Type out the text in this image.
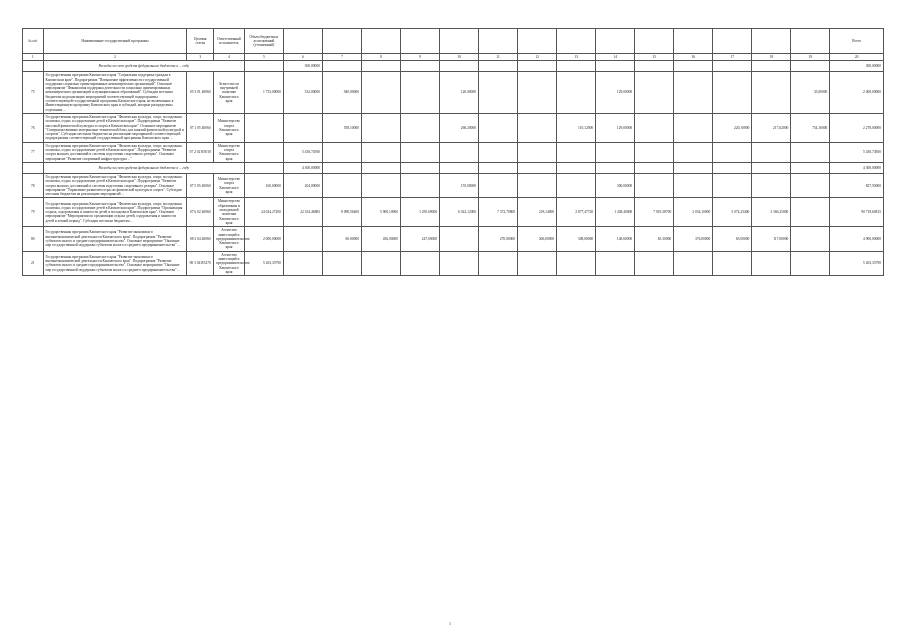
№ п/п	Наименование государственной программы	Целевая статья	Ответственный исполнитель	Объем бюджетных ассигнований (уточненный)															Всего
1	2	3	4	5	6	7	8	9	10	11	12	13	14	15	16	17	18	19	20
	Расходы за счет средств федерального бюджета в ... году				300,00000														300,00000
75	Государственная программа Камчатского края "Социальная поддержка граждан в Камчатском крае". Подпрограмма "Повышение эффективности государственной поддержки социально ориентированных некоммерческих организаций". Основное мероприятие "Финансовая поддержка деятельности социально ориентированных некоммерческих организаций и муниципальных образований". Субсидии местным бюджетам на реализацию мероприятий соответствующей подпрограммы соответствующей государственной программы Камчатского края, не включенных в Инвестиционную программу Камчатского края и субсидий, которые распределены отдельным ...	05 3 01 40060	Агентство по внутренней политике Камчатского края	1 753,00000	532,00000	940,00000			120,00000				129,00000					35,00000	2 400,00000
76	Государственная программа Камчатского края "Физическая культура, спорт, молодежная политика, отдых и оздоровление детей в Камчатском крае". Подпрограмма "Развитие массовой физической культуры и спорта в Камчатском крае". Основное мероприятие "Совершенствование материально-технической базы для занятий физической культурой и спортом". Субсидии местным бюджетам на реализацию мероприятий соответствующей подпрограммы соответствующей государственной программы Камчатского края ...	07 1 05 40060	Министерство спорта Камчатского края			558,10000			260,20000			110,12000	129,00000			220,10000	217,62000	754,16000	2 278,00000
77	Государственная программа Камчатского края "Физическая культура, спорт, молодежная политика, отдых и оздоровление детей в Камчатском крае". Подпрограмма "Развитие спорта высших достижений и системы подготовки спортивного резерва". Основное мероприятие "Развитие спортивной инфраструктуры ..."	07 2 02 R5010	Министерство спорта Камчатского края		5 430,74930														5 430,74930
	Расходы за счет средств федерального бюджета в ... году				4 300,00000														4 300,00000
78	Государственная программа Камчатского края "Физическая культура, спорт, молодежная политика, отдых и оздоровление детей в Камчатском крае". Подпрограмма "Развитие спорта высших достижений и системы подготовки спортивного резерва". Основное мероприятие "Управление развитием отрасли физической культуры и спорта". Субсидии местным бюджетам на реализацию мероприятий ...	07 5 05 40060	Министерство спорта Камчатского края	160,00000	204,00000				155,00000				300,00000						827,50000
79	Государственная программа Камчатского края "Физическая культура, спорт, молодежная политика, отдых и оздоровление детей в Камчатском крае". Подпрограмма "Организация отдыха, оздоровления и занятости детей и молодежи в Камчатском крае". Основное мероприятие "Мероприятия по организации отдыха детей, оздоровления и занятости детей в летний период". Субсидии местным бюджетам ...	07 6 02 40060	Министерство образования и молодежной политики Камчатского края	24 024,27200	22 354,46883	8 098,56400	5 900,10000	1 295,69000	6 022,12000	7 372,70800	218,14000	2 877,47720	1 438,40000	7 019,38700	2 034,10000	5 074,23400	3 366,25000		90 718,60815
80	Государственная программа Камчатского края "Развитие экономики и внешнеэкономической деятельности Камчатского края". Подпрограмма "Развитие субъектов малого и среднего предпринимательства". Основное мероприятие "Оказание мер государственной поддержки субъектам малого и среднего предпринимательства" ...	08 3 04 40060	Агентство инвестиций и предпринимательства Камчатского края	2 000,00000		60,00000	456,00000	247,00000		270,00000	306,00000	308,00000	148,60000	65,30000	376,00000	65,00000	117,00000		4 900,00000
21	Государственная программа Камчатского края "Развитие экономики и внешнеэкономической деятельности Камчатского края". Подпрограмма "Развитие субъектов малого и среднего предпринимательства". Основное мероприятие "Оказание мер государственной поддержки субъектам малого и среднего предпринимательства" ...	08 3 04 R5270	Агентство инвестиций и предпринимательства Камчатского края	5 263,35790															5 263,35790
1
